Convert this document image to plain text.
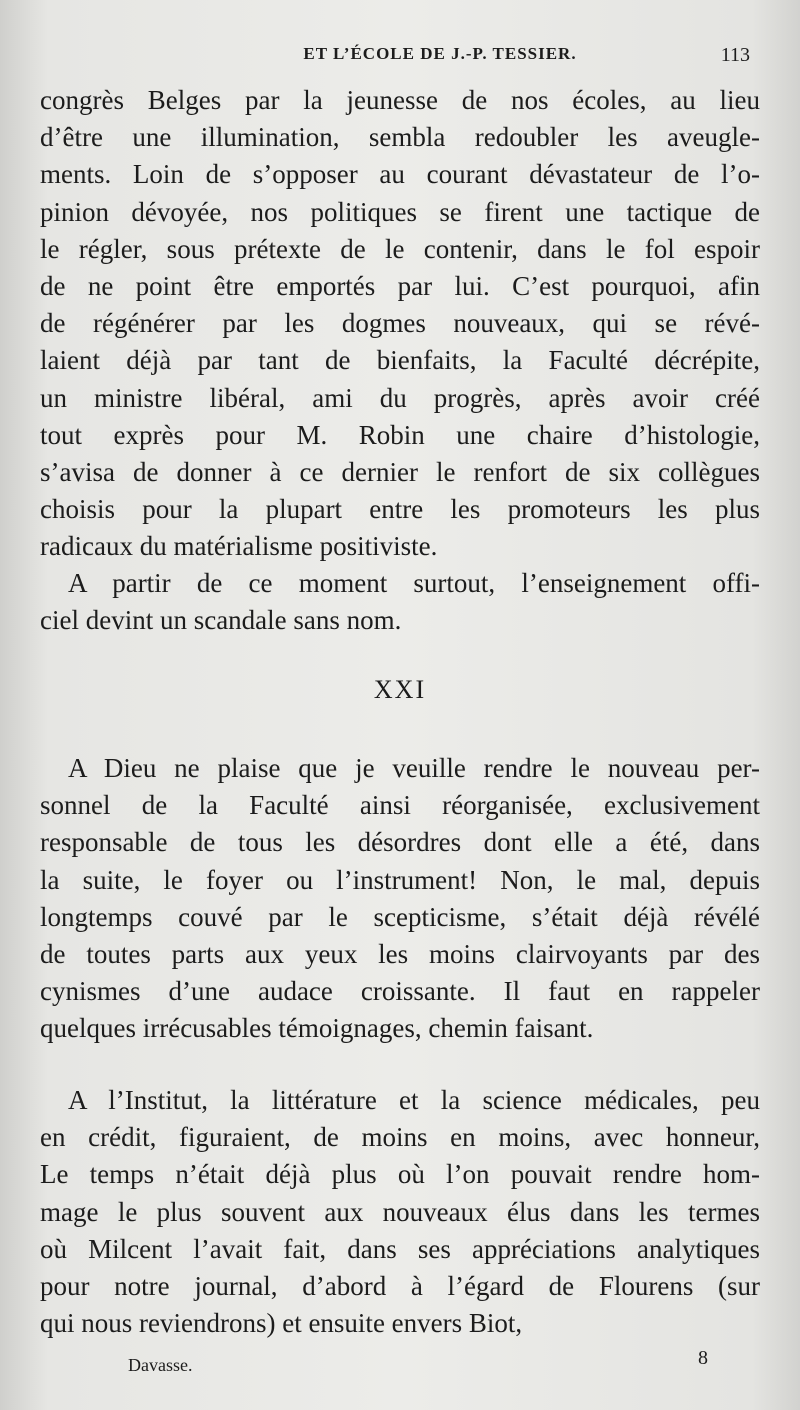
ET L’ÉCOLE DE J.-P. TESSIER.	113

congrès Belges par la jeunesse de nos écoles, au lieu
d’être une illumination, sembla redoubler les aveugle-
ments. Loin de s’opposer au courant dévastateur de l’o-
pinion dévoyée, nos politiques se firent une tactique de
le régler, sous prétexte de le contenir, dans le fol espoir
de ne point être emportés par lui. C’est pourquoi, afin
de régénérer par les dogmes nouveaux, qui se révé-
laient déjà par tant de bienfaits, la Faculté décrépite,
un ministre libéral, ami du progrès, après avoir créé
tout exprès pour M. Robin une chaire d’histologie,
s’avisa de donner à ce dernier le renfort de six collègues
choisis pour la plupart entre les promoteurs les plus
radicaux du matérialisme positiviste.

A partir de ce moment surtout, l’enseignement offi-
ciel devint un scandale sans nom.

XXI

A Dieu ne plaise que je veuille rendre le nouveau per-
sonnel de la Faculté ainsi réorganisée, exclusivement
responsable de tous les désordres dont elle a été, dans
la suite, le foyer ou l’instrument! Non, le mal, depuis
longtemps couvé par le scepticisme, s’était déjà révélé
de toutes parts aux yeux les moins clairvoyants par des
cynismes d’une audace croissante. Il faut en rappeler
quelques irrécusables témoignages, chemin faisant.

A l’Institut, la littérature et la science médicales, peu
en crédit, figuraient, de moins en moins, avec honneur,
Le temps n’était déjà plus où l’on pouvait rendre hom-
mage le plus souvent aux nouveaux élus dans les termes
où Milcent l’avait fait, dans ses appréciations analytiques
pour notre journal, d’abord à l’égard de Flourens (sur
qui nous reviendrons) et ensuite envers Biot,

Davasse.	8
